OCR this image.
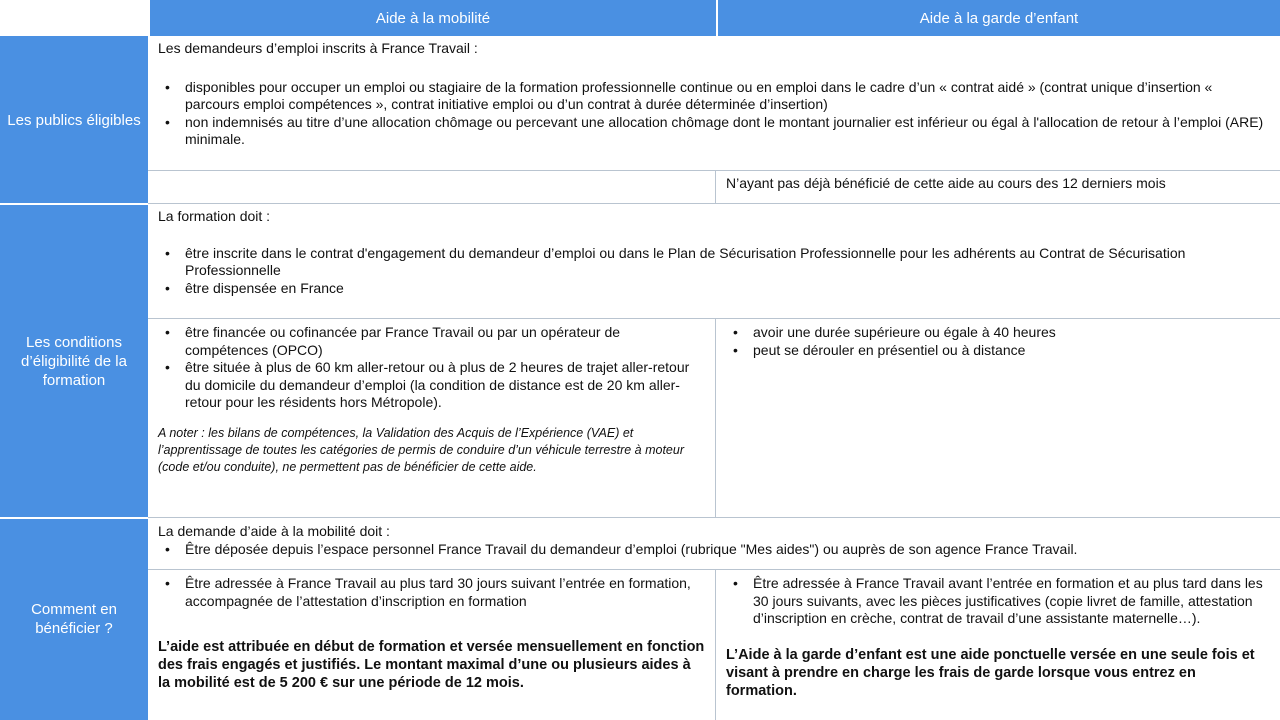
Aide à la mobilité	Aide à la garde d’enfant
Les publics éligibles
Les conditions d’éligibilité de la formation
Comment en bénéficier ?
Les demandeurs d’emploi inscrits à France Travail :
• disponibles pour occuper un emploi ou stagiaire de la formation professionnelle continue ou en emploi dans le cadre d’un « contrat aidé » (contrat unique d’insertion « parcours emploi compétences », contrat initiative emploi ou d’un contrat à durée déterminée d’insertion)
• non indemnisés au titre d’une allocation chômage ou percevant une allocation chômage dont le montant journalier est inférieur ou égal à l'allocation de retour à l’emploi (ARE) minimale.
N’ayant pas déjà bénéficié de cette aide au cours des 12 derniers mois
La formation doit :
• être inscrite dans le contrat d'engagement du demandeur d’emploi ou dans le Plan de Sécurisation Professionnelle pour les adhérents au Contrat de Sécurisation Professionnelle
• être dispensée en France
• être financée ou cofinancée par France Travail ou par un opérateur de compétences (OPCO)
• être située à plus de 60 km aller-retour ou à plus de 2 heures de trajet aller-retour du domicile du demandeur d’emploi (la condition de distance est de 20 km aller-retour pour les résidents hors Métropole).
A noter : les bilans de compétences, la Validation des Acquis de l’Expérience (VAE) et l’apprentissage de toutes les catégories de permis de conduire d’un véhicule terrestre à moteur (code et/ou conduite), ne permettent pas de bénéficier de cette aide.
• avoir une durée supérieure ou égale à 40 heures
• peut se dérouler en présentiel ou à distance
La demande d’aide à la mobilité doit :
• Être déposée depuis l’espace personnel France Travail du demandeur d’emploi (rubrique "Mes aides") ou auprès de son agence France Travail.
• Être adressée à France Travail au plus tard 30 jours suivant l’entrée en formation, accompagnée de l’attestation d’inscription en formation
L’aide est attribuée en début de formation et versée mensuellement en fonction des frais engagés et justifiés. Le montant maximal d’une ou plusieurs aides à la mobilité est de 5 200 € sur une période de 12 mois.
• Être adressée à France Travail avant l’entrée en formation et au plus tard dans les 30 jours suivants, avec les pièces justificatives (copie livret de famille, attestation d’inscription en crèche, contrat de travail d’une assistante maternelle…).
L’Aide à la garde d’enfant est une aide ponctuelle versée en une seule fois et visant à prendre en charge les frais de garde lorsque vous entrez en formation.
